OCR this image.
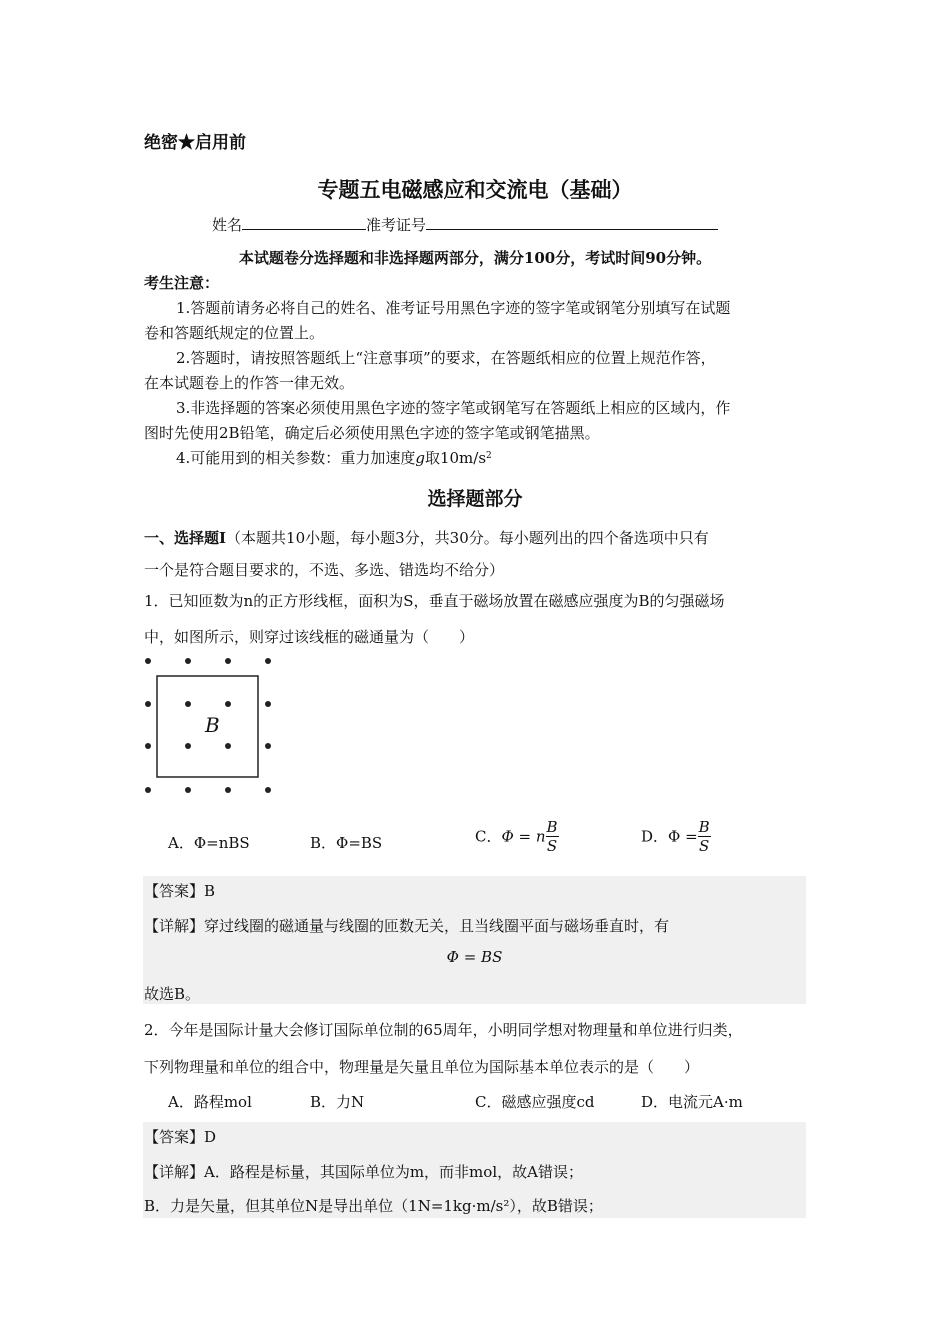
绝密★启用前
专题五电磁感应和交流电（基础）
姓名	准考证号
本试题卷分选择题和非选择题两部分，满分100分，考试时间90分钟。
考生注意：
1.答题前请务必将自己的姓名、准考证号用黑色字迹的签字笔或钢笔分别填写在试题
卷和答题纸规定的位置上。
2.答题时，请按照答题纸上“注意事项”的要求，在答题纸相应的位置上规范作答，
在本试题卷上的作答一律无效。
3.非选择题的答案必须使用黑色字迹的签字笔或钢笔写在答题纸上相应的区域内，作
图时先使用2B铅笔，确定后必须使用黑色字迹的签字笔或钢笔描黑。
4.可能用到的相关参数：重力加速度g取$10m/s^2$
选择题部分
一、选择题Ⅰ（本题共10小题，每小题3分，共30分。每小题列出的四个备选项中只有
一个是符合题目要求的，不选、多选、错选均不给分）
1．已知匝数为n的正方形线框，面积为S，垂直于磁场放置在磁感应强度为B的匀强磁场
中，如图所示，则穿过该线框的磁通量为（　　）
B
A．Φ=nBS	B．Φ=BS	C．Φ = n $\frac{B}{S}$	D．$\Phi = \frac{B}{S}$
【答案】B
【详解】穿过线圈的磁通量与线圈的匝数无关，且当线圈平面与磁场垂直时，有
Φ = BS
故选B。
2．今年是国际计量大会修订国际单位制的65周年，小明同学想对物理量和单位进行归类，
下列物理量和单位的组合中，物理量是矢量且单位为国际基本单位表示的是（　　）
A．路程mol	B．力N	C．磁感应强度cd	D．电流元A·m
【答案】D
【详解】A．路程是标量，其国际单位为m，而非mol，故A错误；
B．力是矢量，但其单位N是导出单位（1N=1kg·m/s²），故B错误；
